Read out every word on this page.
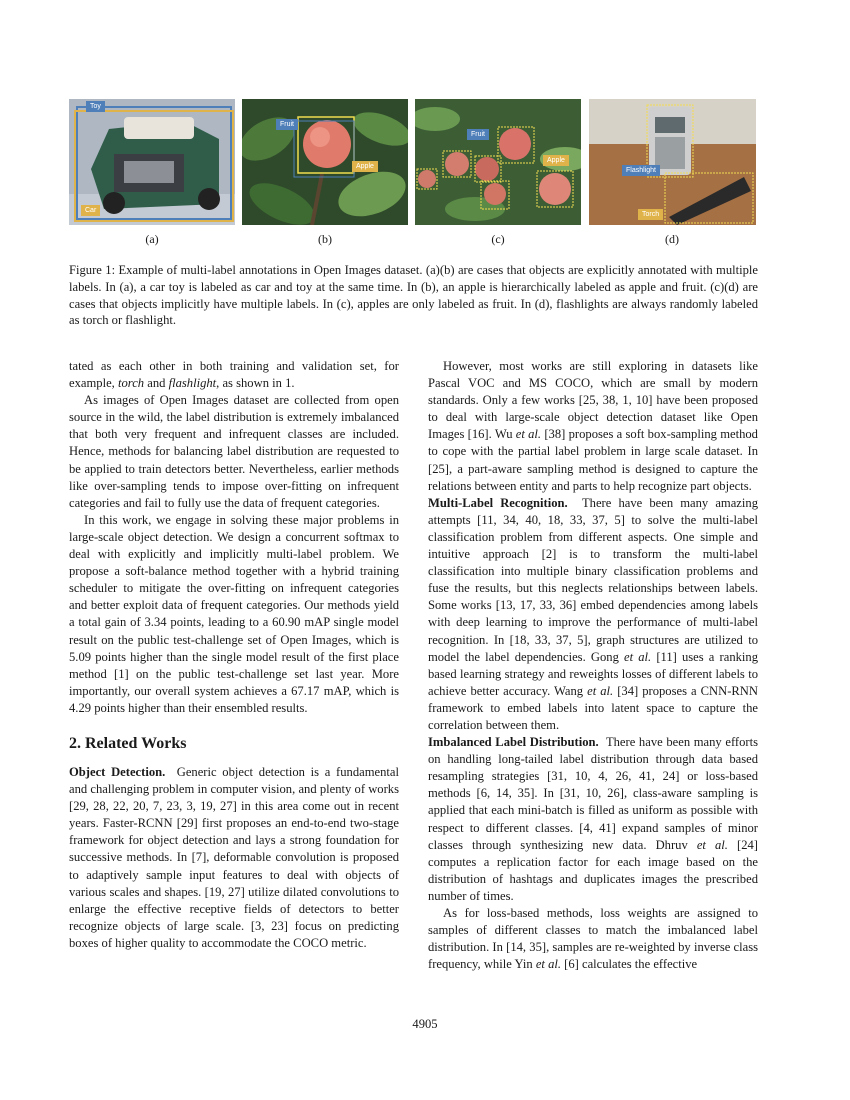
Toy
Car
Fruit
Apple
Fruit
Apple
Flashlight
Torch
(a)	(b)	(c)	(d)

Figure 1: Example of multi-label annotations in Open Images dataset. (a)(b) are cases that objects are explicitly annotated with multiple labels. In (a), a car toy is labeled as car and toy at the same time. In (b), an apple is hierarchically labeled as apple and fruit. (c)(d) are cases that objects implicitly have multiple labels. In (c), apples are only labeled as fruit. In (d), flashlights are always randomly labeled as torch or flashlight.

tated as each other in both training and validation set, for example, torch and flashlight, as shown in 1.

As images of Open Images dataset are collected from open source in the wild, the label distribution is extremely imbalanced that both very frequent and infrequent classes are included. Hence, methods for balancing label distribution are requested to be applied to train detectors better. Nevertheless, earlier methods like over-sampling tends to impose over-fitting on infrequent categories and fail to fully use the data of frequent categories.

In this work, we engage in solving these major problems in large-scale object detection. We design a concurrent softmax to deal with explicitly and implicitly multi-label problem. We propose a soft-balance method together with a hybrid training scheduler to mitigate the over-fitting on infrequent categories and better exploit data of frequent categories. Our methods yield a total gain of 3.34 points, leading to a 60.90 mAP single model result on the public test-challenge set of Open Images, which is 5.09 points higher than the single model result of the first place method [1] on the public test-challenge set last year. More importantly, our overall system achieves a 67.17 mAP, which is 4.29 points higher than their ensembled results.

2. Related Works

Object Detection. Generic object detection is a fundamental and challenging problem in computer vision, and plenty of works [29, 28, 22, 20, 7, 23, 3, 19, 27] in this area come out in recent years. Faster-RCNN [29] first proposes an end-to-end two-stage framework for object detection and lays a strong foundation for successive methods. In [7], deformable convolution is proposed to adaptively sample input features to deal with objects of various scales and shapes. [19, 27] utilize dilated convolutions to enlarge the effective receptive fields of detectors to better recognize objects of large scale. [3, 23] focus on predicting boxes of higher quality to accommodate the COCO metric.

However, most works are still exploring in datasets like Pascal VOC and MS COCO, which are small by modern standards. Only a few works [25, 38, 1, 10] have been proposed to deal with large-scale object detection dataset like Open Images [16]. Wu et al. [38] proposes a soft box-sampling method to cope with the partial label problem in large scale dataset. In [25], a part-aware sampling method is designed to capture the relations between entity and parts to help recognize part objects.

Multi-Label Recognition. There have been many amazing attempts [11, 34, 40, 18, 33, 37, 5] to solve the multi-label classification problem from different aspects. One simple and intuitive approach [2] is to transform the multi-label classification into multiple binary classification problems and fuse the results, but this neglects relationships between labels. Some works [13, 17, 33, 36] embed dependencies among labels with deep learning to improve the performance of multi-label recognition. In [18, 33, 37, 5], graph structures are utilized to model the label dependencies. Gong et al. [11] uses a ranking based learning strategy and reweights losses of different labels to achieve better accuracy. Wang et al. [34] proposes a CNN-RNN framework to embed labels into latent space to capture the correlation between them.

Imbalanced Label Distribution. There have been many efforts on handling long-tailed label distribution through data based resampling strategies [31, 10, 4, 26, 41, 24] or loss-based methods [6, 14, 35]. In [31, 10, 26], class-aware sampling is applied that each mini-batch is filled as uniform as possible with respect to different classes. [4, 41] expand samples of minor classes through synthesizing new data. Dhruv et al. [24] computes a replication factor for each image based on the distribution of hashtags and duplicates images the prescribed number of times.

As for loss-based methods, loss weights are assigned to samples of different classes to match the imbalanced label distribution. In [14, 35], samples are re-weighted by inverse class frequency, while Yin et al. [6] calculates the effective

4905
